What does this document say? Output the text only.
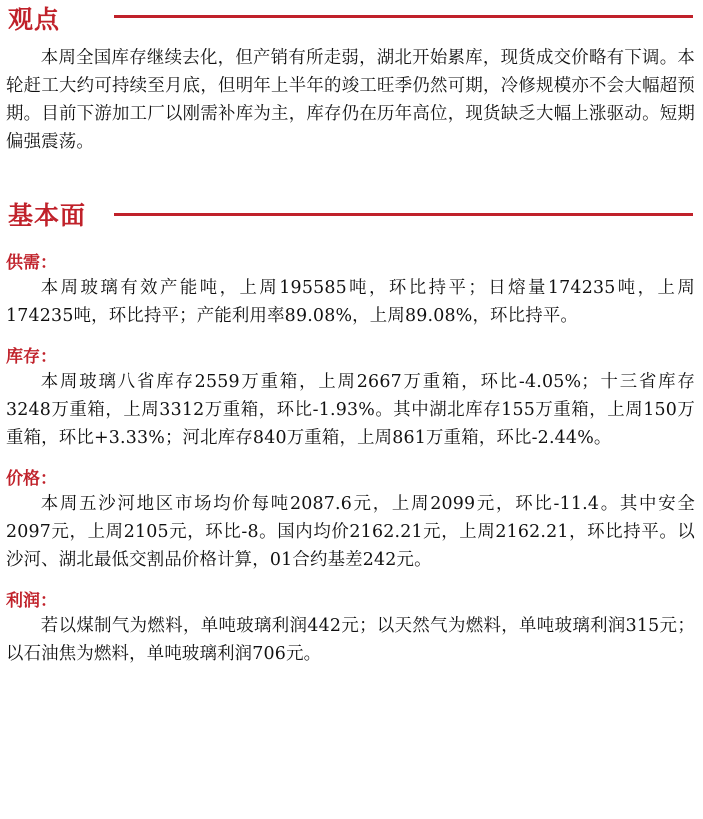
观点

本周全国库存继续去化，但产销有所走弱，湖北开始累库，现货成交价略有下调。本轮赶工大约可持续至月底，但明年上半年的竣工旺季仍然可期，冷修规模亦不会大幅超预期。目前下游加工厂以刚需补库为主，库存仍在历年高位，现货缺乏大幅上涨驱动。短期偏强震荡。

基本面

供需：

本周玻璃有效产能吨，上周195585吨，环比持平；日熔量174235吨，上周174235吨，环比持平；产能利用率89.08%，上周89.08%，环比持平。

库存：

本周玻璃八省库存2559万重箱，上周2667万重箱，环比-4.05%；十三省库存3248万重箱，上周3312万重箱，环比-1.93%。其中湖北库存155万重箱，上周150万重箱，环比+3.33%；河北库存840万重箱，上周861万重箱，环比-2.44%。

价格：

本周五沙河地区市场均价每吨2087.6元，上周2099元，环比-11.4。其中安全2097元，上周2105元，环比-8。国内均价2162.21元，上周2162.21，环比持平。以沙河、湖北最低交割品价格计算，01合约基差242元。

利润：

若以煤制气为燃料，单吨玻璃利润442元；以天然气为燃料，单吨玻璃利润315元；以石油焦为燃料，单吨玻璃利润706元。
